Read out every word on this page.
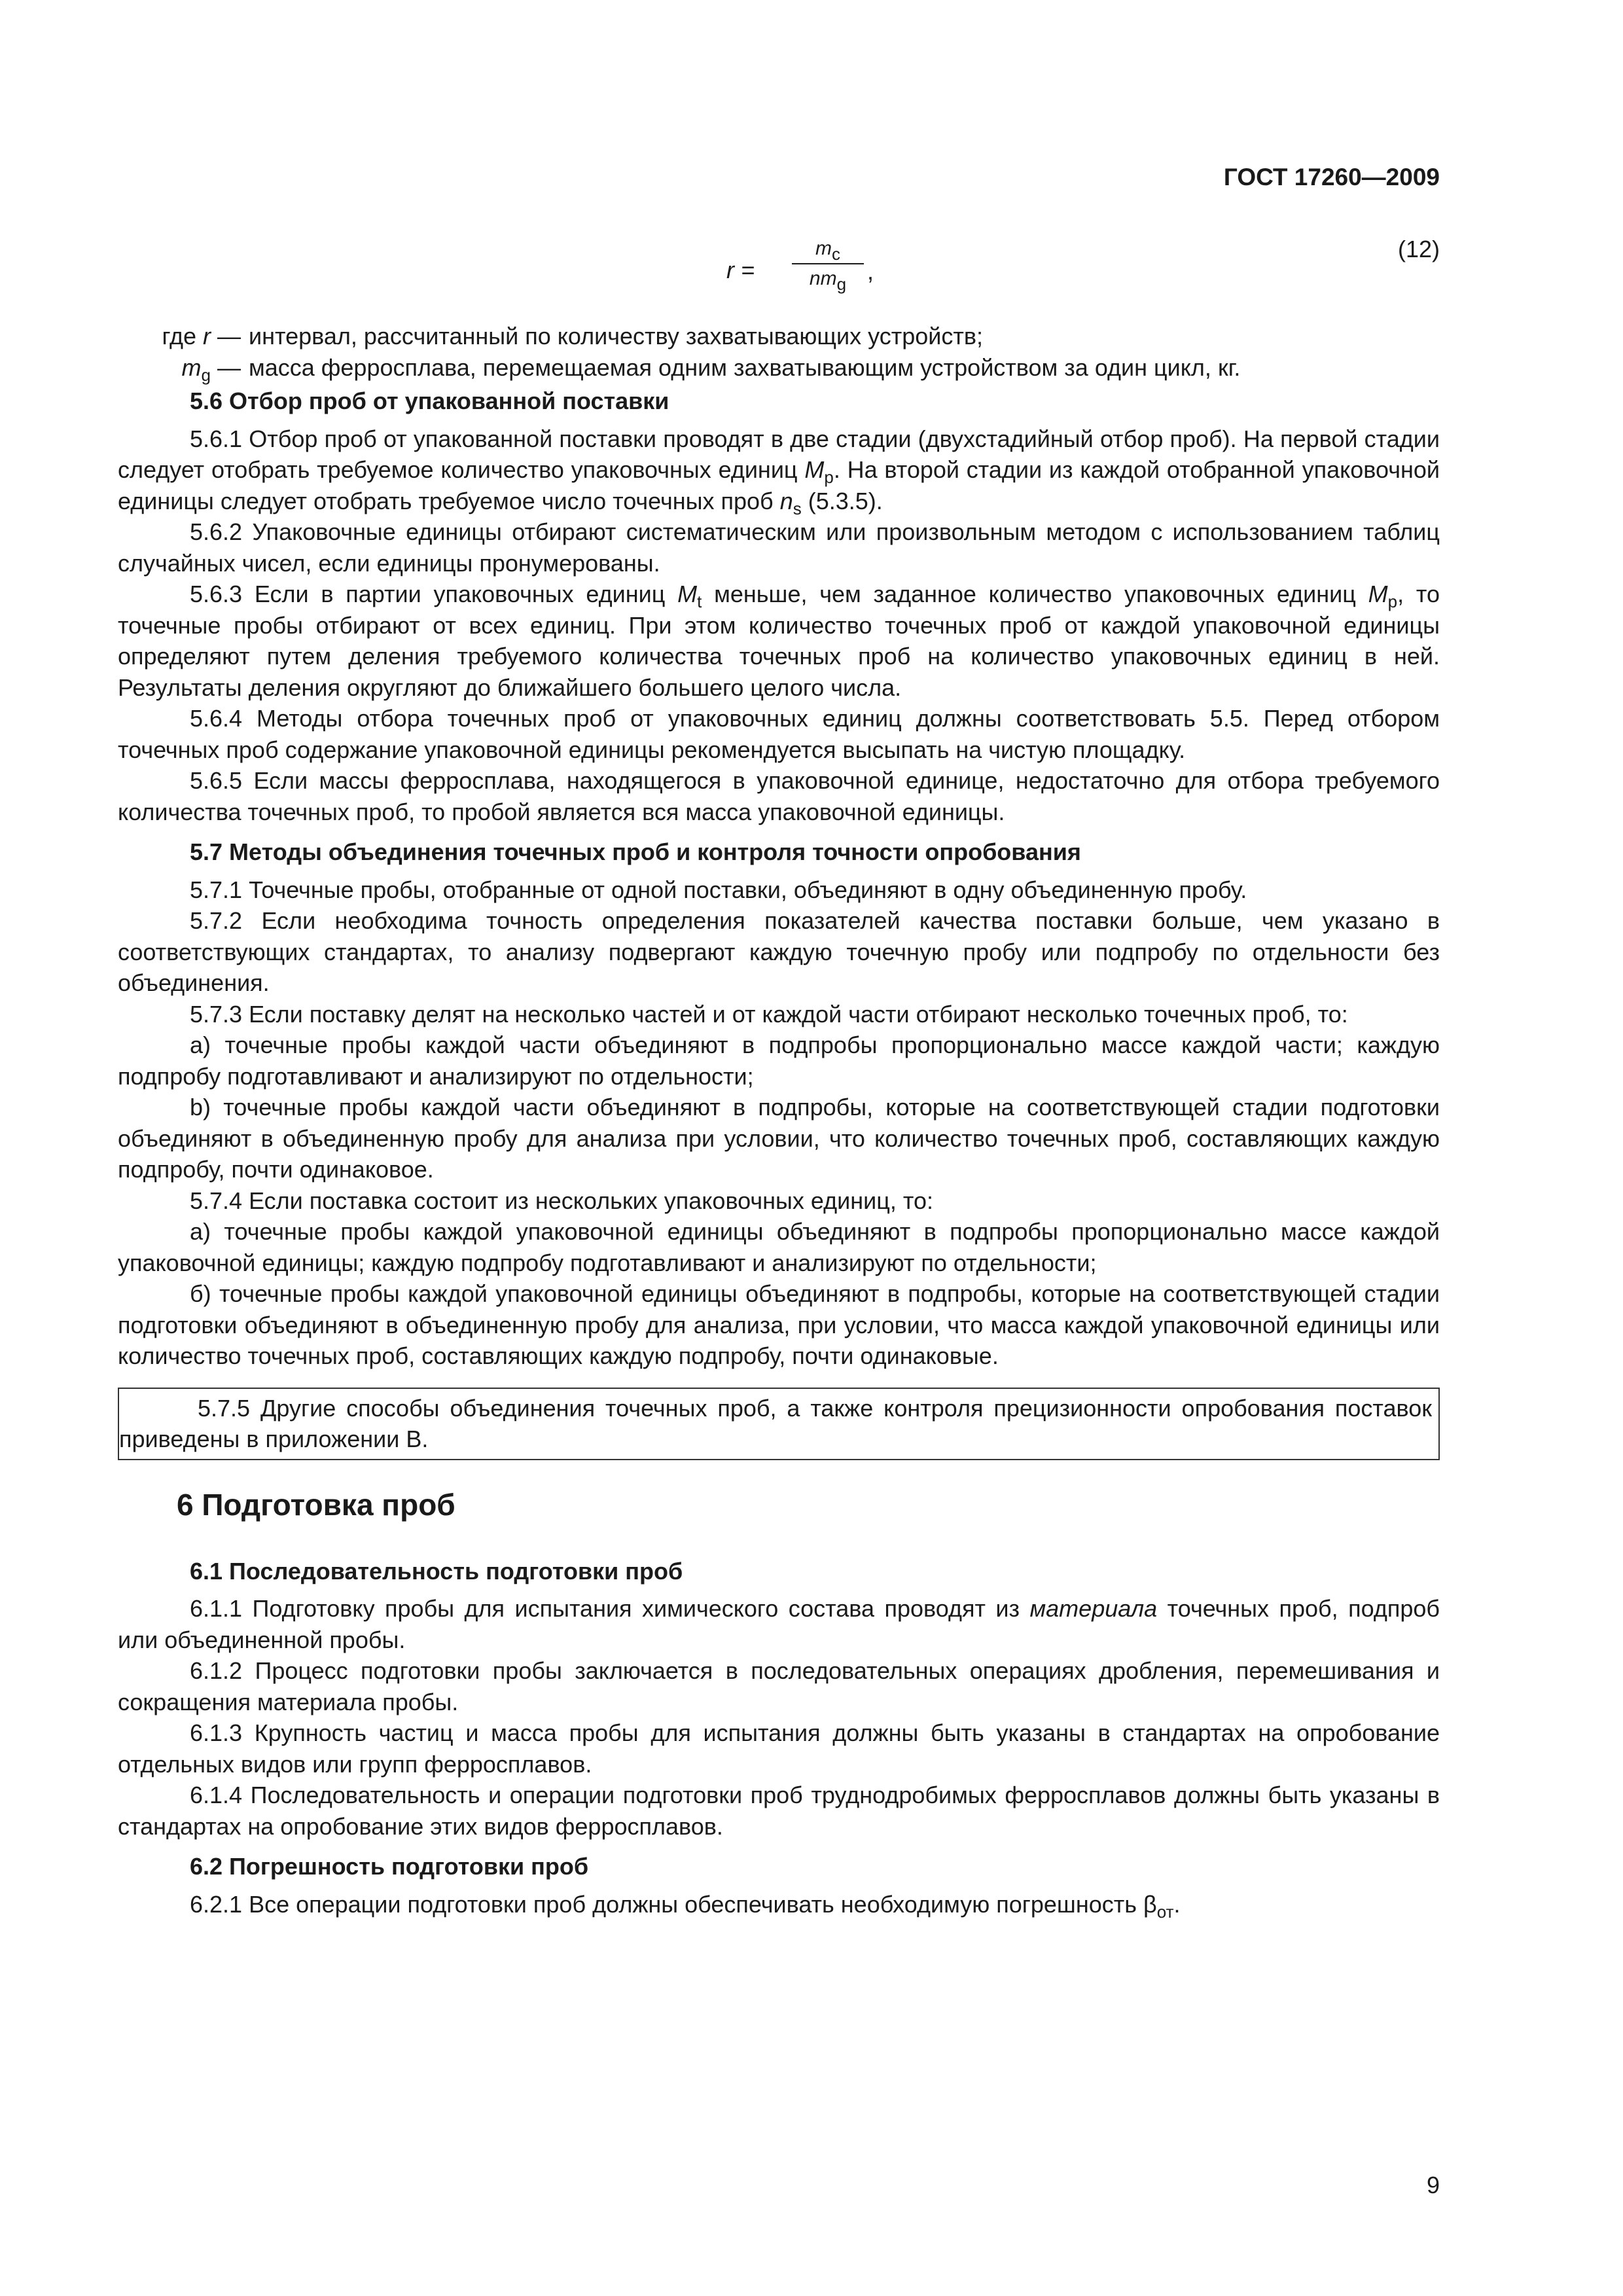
ГОСТ 17260—2009
r =
$m_c$
$nm_g$ ,
(12)
где r — интервал, рассчитанный по количеству захватывающих устройств;
$m_g$ — масса ферросплава, перемещаемая одним захватывающим устройством за один цикл, кг.

5.6 Отбор проб от упакованной поставки

5.6.1 Отбор проб от упакованной поставки проводят в две стадии (двухстадийный отбор проб). На первой стадии следует отобрать требуемое количество упаковочных единиц $M_p$. На второй стадии из каждой отобранной упаковочной единицы следует отобрать требуемое число точечных проб $n_s$ (5.3.5).

5.6.2 Упаковочные единицы отбирают систематическим или произвольным методом с использованием таблиц случайных чисел, если единицы пронумерованы.

5.6.3 Если в партии упаковочных единиц $M_t$ меньше, чем заданное количество упаковочных единиц $M_p$, то точечные пробы отбирают от всех единиц. При этом количество точечных проб от каждой упаковочной единицы определяют путем деления требуемого количества точечных проб на количество упаковочных единиц в ней. Результаты деления округляют до ближайшего большего целого числа.

5.6.4 Методы отбора точечных проб от упаковочных единиц должны соответствовать 5.5. Перед отбором точечных проб содержание упаковочной единицы рекомендуется высыпать на чистую площадку.

5.6.5 Если массы ферросплава, находящегося в упаковочной единице, недостаточно для отбора требуемого количества точечных проб, то пробой является вся масса упаковочной единицы.

5.7 Методы объединения точечных проб и контроля точности опробования

5.7.1 Точечные пробы, отобранные от одной поставки, объединяют в одну объединенную пробу.

5.7.2 Если необходима точность определения показателей качества поставки больше, чем указано в соответствующих стандартах, то анализу подвергают каждую точечную пробу или подпробу по отдельности без объединения.

5.7.3 Если поставку делят на несколько частей и от каждой части отбирают несколько точечных проб, то:

а) точечные пробы каждой части объединяют в подпробы пропорционально массе каждой части; каждую подпробу подготавливают и анализируют по отдельности;

b) точечные пробы каждой части объединяют в подпробы, которые на соответствующей стадии подготовки объединяют в объединенную пробу для анализа при условии, что количество точечных проб, составляющих каждую подпробу, почти одинаковое.

5.7.4 Если поставка состоит из нескольких упаковочных единиц, то:

а) точечные пробы каждой упаковочной единицы объединяют в подпробы пропорционально массе каждой упаковочной единицы; каждую подпробу подготавливают и анализируют по отдельности;

б) точечные пробы каждой упаковочной единицы объединяют в подпробы, которые на соответствующей стадии подготовки объединяют в объединенную пробу для анализа, при условии, что масса каждой упаковочной единицы или количество точечных проб, составляющих каждую подпробу, почти одинаковые.

5.7.5 Другие способы объединения точечных проб, а также контроля прецизионности опробования поставок приведены в приложении В.

6 Подготовка проб

6.1 Последовательность подготовки проб

6.1.1 Подготовку пробы для испытания химического состава проводят из материала точечных проб, подпроб или объединенной пробы.

6.1.2 Процесс подготовки пробы заключается в последовательных операциях дробления, перемешивания и сокращения материала пробы.

6.1.3 Крупность частиц и масса пробы для испытания должны быть указаны в стандартах на опробование отдельных видов или групп ферросплавов.

6.1.4 Последовательность и операции подготовки проб труднодробимых ферросплавов должны быть указаны в стандартах на опробование этих видов ферросплавов.

6.2 Погрешность подготовки проб

6.2.1 Все операции подготовки проб должны обеспечивать необходимую погрешность $\beta_{от}$.

9
